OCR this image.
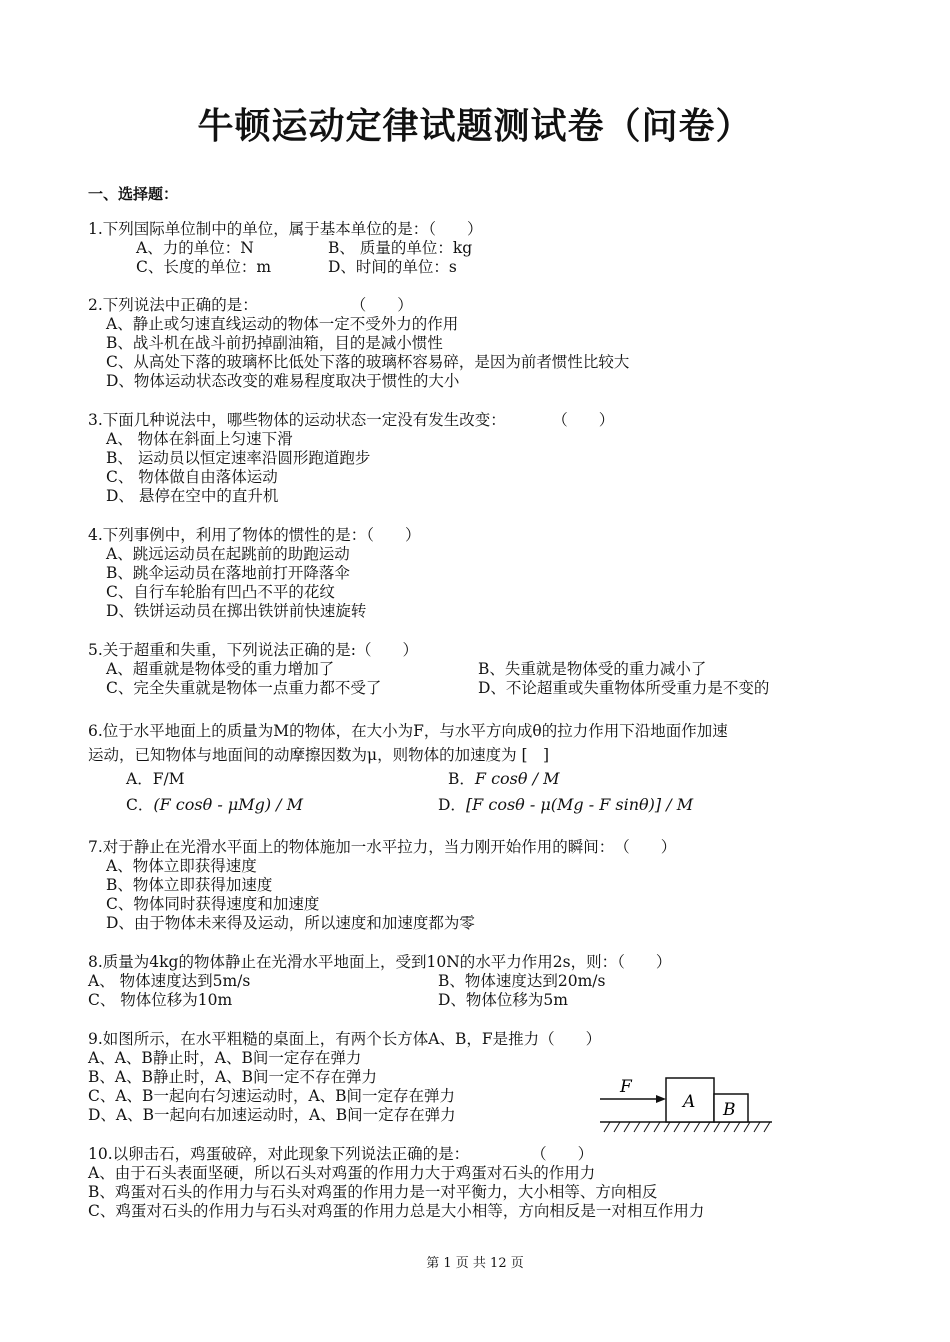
牛顿运动定律试题测试卷（问卷）
一、选择题：
1.下列国际单位制中的单位，属于基本单位的是：（　　）
A、力的单位：N	B、 质量的单位：kg
C、长度的单位：m	D、时间的单位：s
2.下列说法中正确的是：　　　　　　　（　　）
A、静止或匀速直线运动的物体一定不受外力的作用
B、战斗机在战斗前扔掉副油箱，目的是减小惯性
C、从高处下落的玻璃杯比低处下落的玻璃杯容易碎，是因为前者惯性比较大
D、物体运动状态改变的难易程度取决于惯性的大小
3.下面几种说法中，哪些物体的运动状态一定没有发生改变：　　　　（　　）
A、 物体在斜面上匀速下滑
B、 运动员以恒定速率沿圆形跑道跑步
C、 物体做自由落体运动
D、 悬停在空中的直升机
4.下列事例中，利用了物体的惯性的是：（　　）
A、跳远运动员在起跳前的助跑运动
B、跳伞运动员在落地前打开降落伞
C、自行车轮胎有凹凸不平的花纹
D、铁饼运动员在掷出铁饼前快速旋转
5.关于超重和失重，下列说法正确的是:（　　）
A、超重就是物体受的重力增加了	B、失重就是物体受的重力减小了
C、完全失重就是物体一点重力都不受了	D、不论超重或失重物体所受重力是不变的
6.位于水平地面上的质量为M的物体，在大小为F，与水平方向成θ的拉力作用下沿地面作加速
运动，已知物体与地面间的动摩擦因数为μ，则物体的加速度为 [　]
A．F/M	B．F cosθ / M
C．(F cosθ - μMg) / M	D．[F cosθ - μ(Mg - F sinθ)] / M
7.对于静止在光滑水平面上的物体施加一水平拉力，当力刚开始作用的瞬间：　（　　）
A、物体立即获得速度
B、物体立即获得加速度
C、物体同时获得速度和加速度
D、由于物体未来得及运动，所以速度和加速度都为零
8.质量为4kg的物体静止在光滑水平地面上，受到10N的水平力作用2s，则：（　　）
A、 物体速度达到5m/s	B、物体速度达到20m/s
C、 物体位移为10m	D、物体位移为5m
9.如图所示，在水平粗糙的桌面上，有两个长方体A、B，F是推力（　　）
A、A、B静止时，A、B间一定存在弹力
B、A、B静止时，A、B间一定不存在弹力
C、A、B一起向右匀速运动时，A、B间一定存在弹力
D、A、B一起向右加速运动时，A、B间一定存在弹力
F
A B
10.以卵击石，鸡蛋破碎，对此现象下列说法正确的是：　　　　　（　　）
A、由于石头表面坚硬，所以石头对鸡蛋的作用力大于鸡蛋对石头的作用力
B、鸡蛋对石头的作用力与石头对鸡蛋的作用力是一对平衡力，大小相等、方向相反
C、鸡蛋对石头的作用力与石头对鸡蛋的作用力总是大小相等，方向相反是一对相互作用力
第 1 页 共 12 页
